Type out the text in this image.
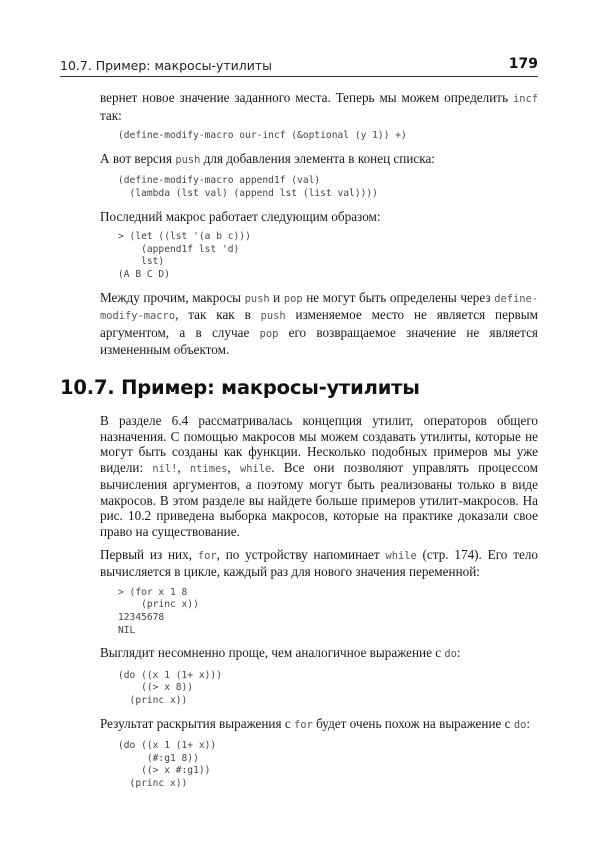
10.7. Пример: макросы-утилиты	179

вернет новое значение заданного места. Теперь мы можем определить incf так:

(define-modify-macro our-incf (&optional (y 1)) +)

А вот версия push для добавления элемента в конец списка:

(define-modify-macro append1f (val)
(lambda (lst val) (append lst (list val))))

Последний макрос работает следующим образом:

> (let ((lst '(a b c)))
(append1f lst 'd)
lst)
(A B C D)

Между прочим, макросы push и pop не могут быть определены через define-modify-macro, так как в push изменяемое место не является первым аргументом, а в случае pop его возвращаемое значение не является измененным объектом.

10.7. Пример: макросы-утилиты

В разделе 6.4 рассматривалась концепция утилит, операторов общего назначения. С помощью макросов мы можем создавать утилиты, которые не могут быть созданы как функции. Несколько подобных примеров мы уже видели: nil!, ntimes, while. Все они позволяют управлять процессом вычисления аргументов, а поэтому могут быть реализованы только в виде макросов. В этом разделе вы найдете больше примеров утилит-макросов. На рис. 10.2 приведена выборка макросов, которые на практике доказали свое право на существование.

Первый из них, for, по устройству напоминает while (стр. 174). Его тело вычисляется в цикле, каждый раз для нового значения переменной:

> (for x 1 8
(princ x))
12345678
NIL

Выглядит несомненно проще, чем аналогичное выражение с do:

(do ((x 1 (1+ x)))
((> x 8))
(princ x))

Результат раскрытия выражения с for будет очень похож на выражение с do:

(do ((x 1 (1+ x))
(#:g1 8))
((> x #:g1))
(princ x))
